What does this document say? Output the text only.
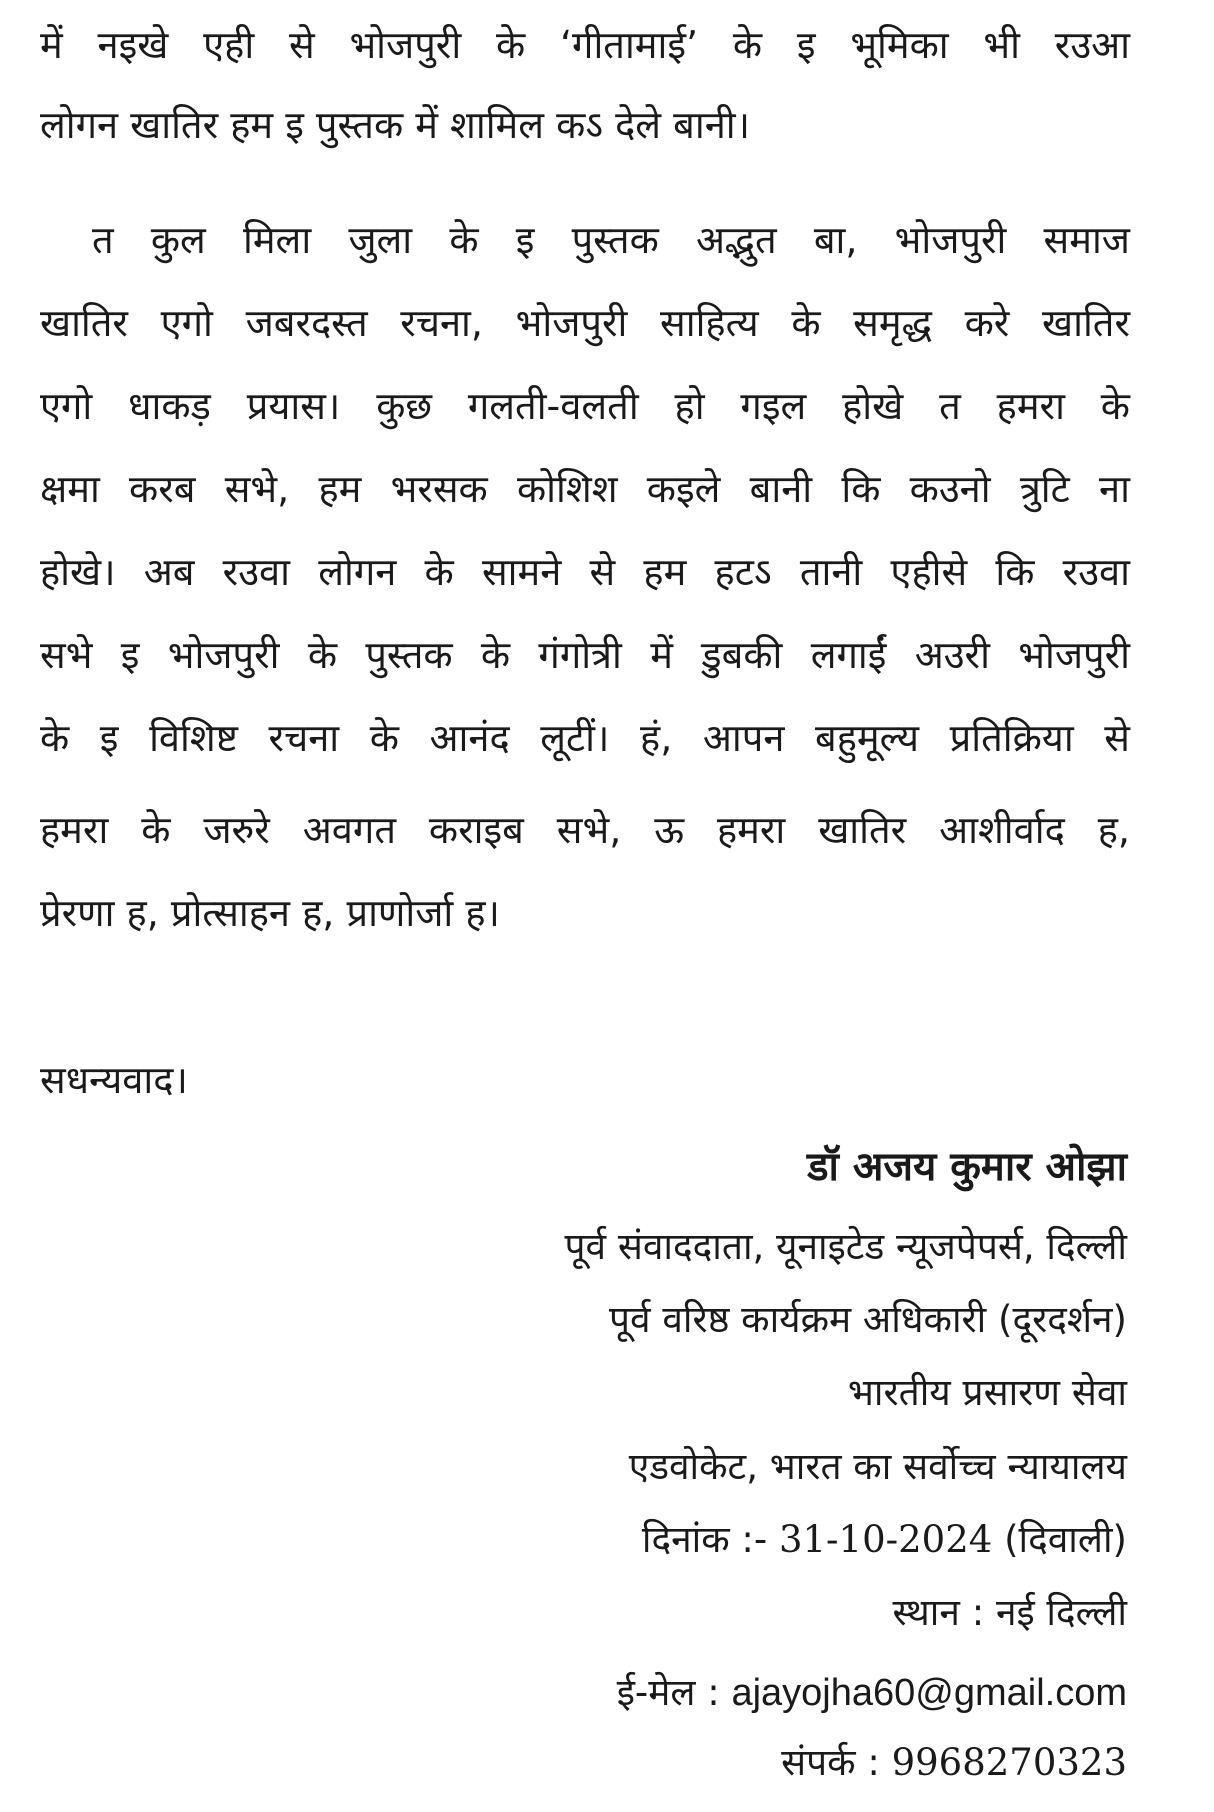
में नइखे एही से भोजपुरी के ‘गीतामाई’ के इ भूमिका भी रउआ
लोगन खातिर हम इ पुस्तक में शामिल कऽ देले बानी।
त कुल मिला जुला के इ पुस्तक अद्भुत बा, भोजपुरी समाज
खातिर एगो जबरदस्त रचना, भोजपुरी साहित्य के समृद्ध करे खातिर
एगो धाकड़ प्रयास। कुछ गलती-वलती हो गइल होखे त हमरा के
क्षमा करब सभे, हम भरसक कोशिश कइले बानी कि कउनो त्रुटि ना
होखे। अब रउवा लोगन के सामने से हम हटऽ तानी एहीसे कि रउवा
सभे इ भोजपुरी के पुस्तक के गंगोत्री में डुबकी लगाईं अउरी भोजपुरी
के इ विशिष्ट रचना के आनंद लूटीं। हं, आपन बहुमूल्य प्रतिक्रिया से
हमरा के जरुरे अवगत कराइब सभे, ऊ हमरा खातिर आशीर्वाद ह,
प्रेरणा ह, प्रोत्साहन ह, प्राणोर्जा ह।
सधन्यवाद।
डॉ अजय कुमार ओझा
पूर्व संवाददाता, यूनाइटेड न्यूजपेपर्स, दिल्ली
पूर्व वरिष्ठ कार्यक्रम अधिकारी (दूरदर्शन)
भारतीय प्रसारण सेवा
एडवोकेट, भारत का सर्वोच्च न्यायालय
दिनांक :- 31-10-2024 (दिवाली)
स्थान : नई दिल्ली
ई-मेल : ajayojha60@gmail.com
संपर्क : 9968270323
